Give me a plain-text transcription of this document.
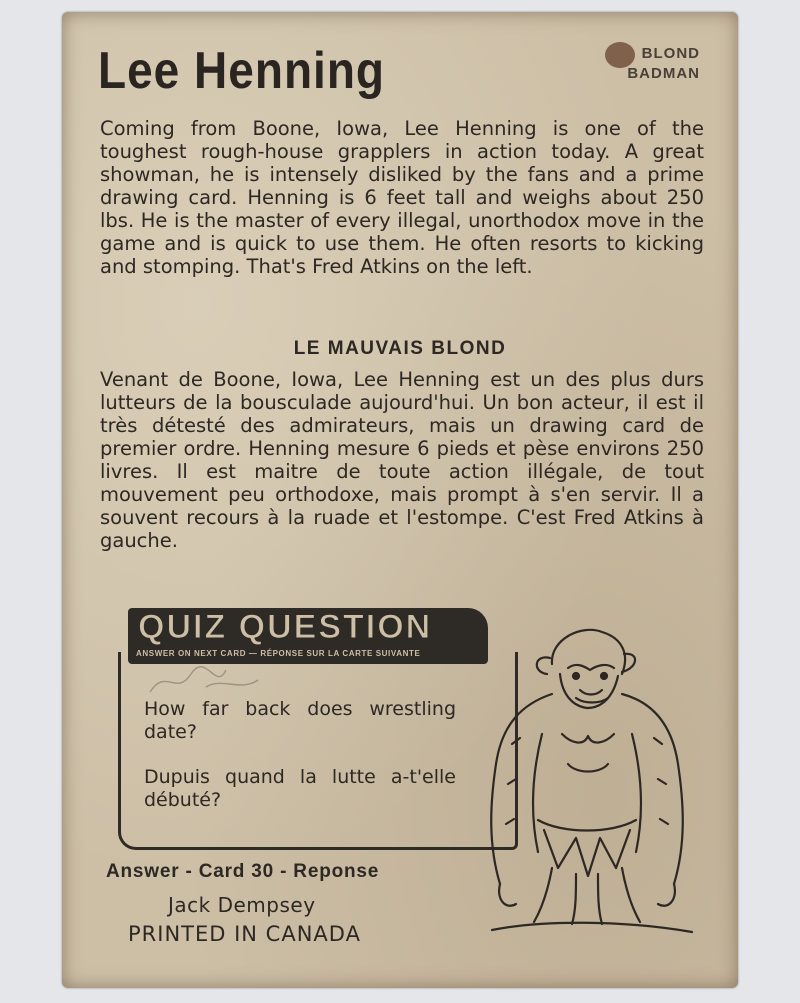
Lee Henning	BLOND
BADMAN
Coming from Boone, Iowa, Lee Henning is one of the toughest rough-house grapplers in action today. A great showman, he is intensely disliked by the fans and a prime drawing card. Henning is 6 feet tall and weighs about 250 lbs. He is the master of every illegal, unorthodox move in the game and is quick to use them. He often resorts to kicking and stomping. That's Fred Atkins on the left.
LE MAUVAIS BLOND
Venant de Boone, Iowa, Lee Henning est un des plus durs lutteurs de la bousculade aujourd'hui. Un bon acteur, il est il très détesté des admirateurs, mais un drawing card de premier ordre. Henning mesure 6 pieds et pèse environs 250 livres. Il est maitre de toute action illégale, de tout mouvement peu orthodoxe, mais prompt à s'en servir. Il a souvent recours à la ruade et l'estompe. C'est Fred Atkins à gauche.
QUIZ QUESTION
ANSWER ON NEXT CARD — RÉPONSE SUR LA CARTE SUIVANTE
How far back does wrestling date?
Dupuis quand la lutte a-t'elle débuté?
Answer - Card 30 - Reponse
Jack Dempsey
PRINTED IN CANADA
